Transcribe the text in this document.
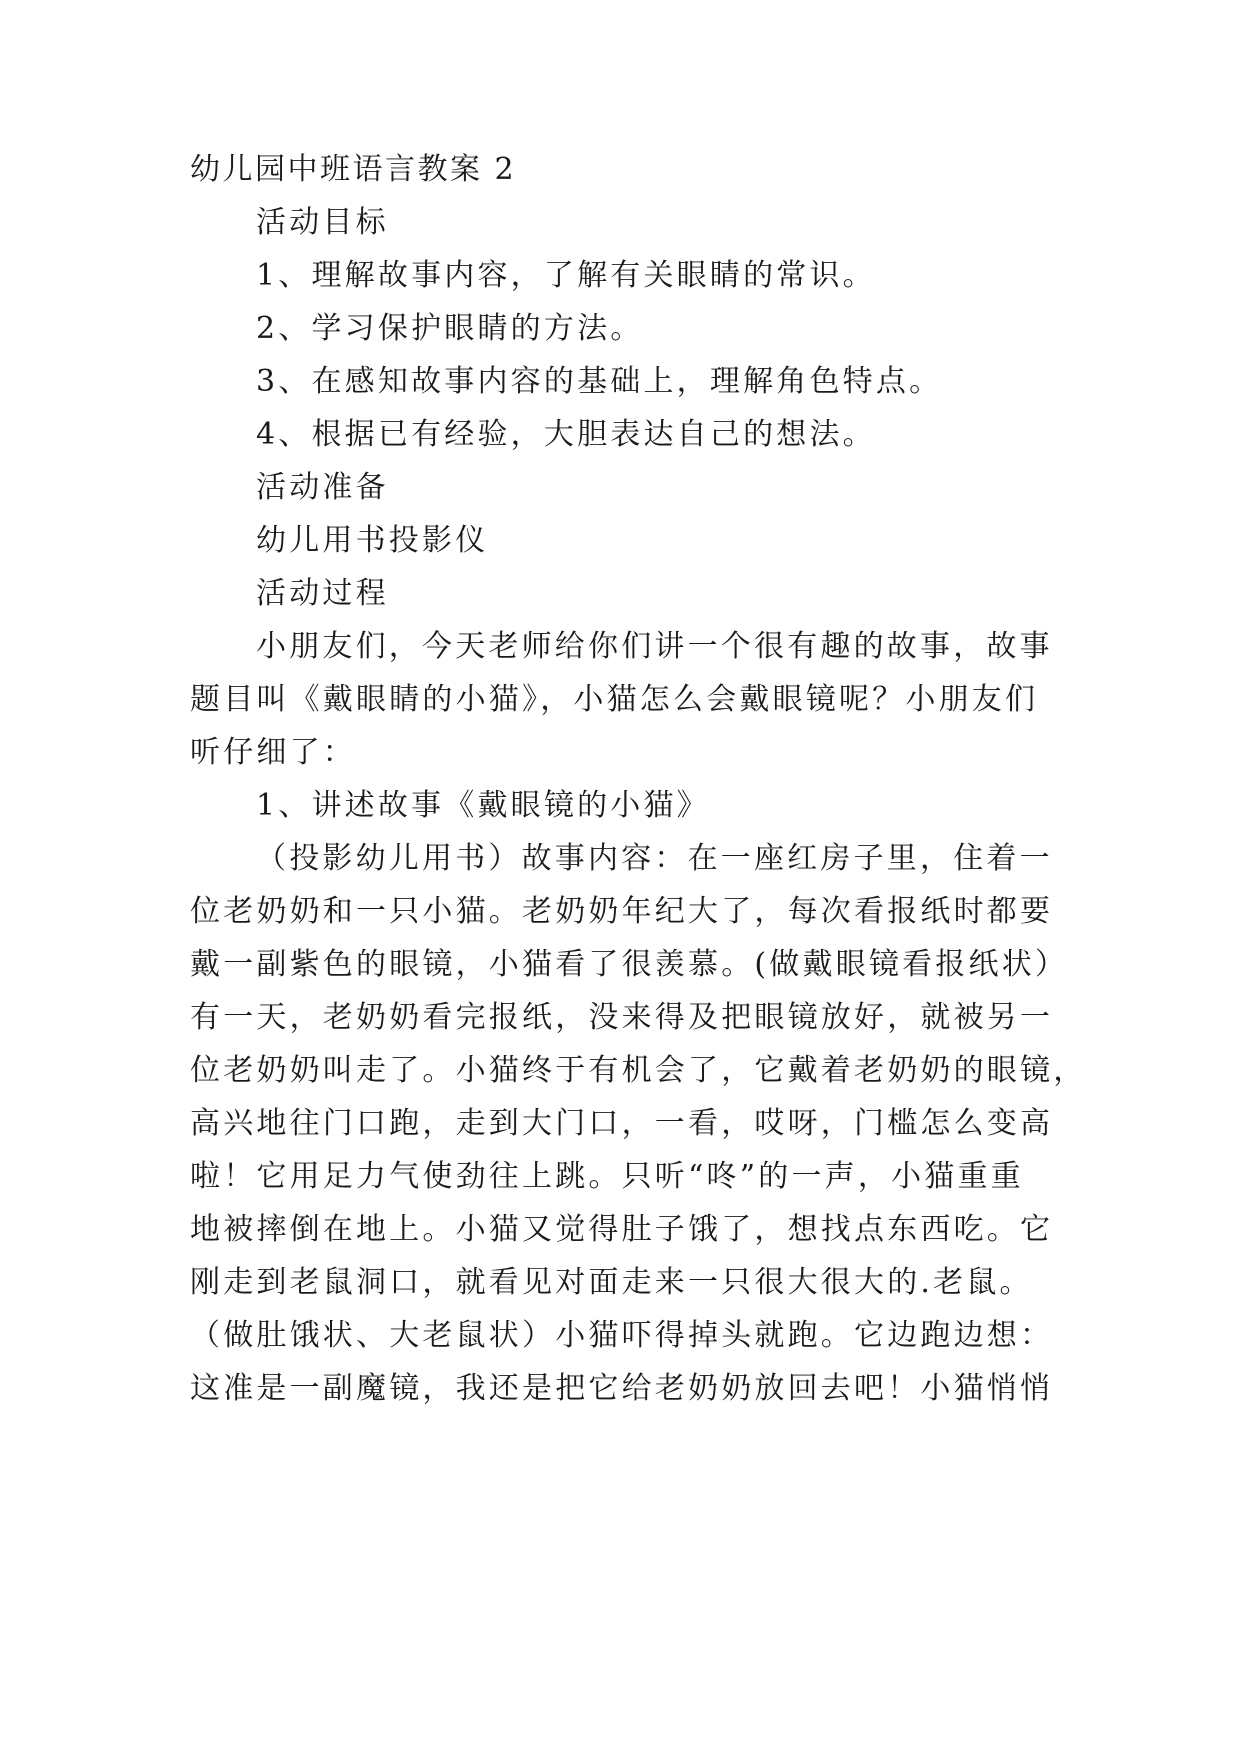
幼儿园中班语言教案 2
活动目标
1、理解故事内容，了解有关眼睛的常识。
2、学习保护眼睛的方法。
3、在感知故事内容的基础上，理解角色特点。
4、根据已有经验，大胆表达自己的想法。
活动准备
幼儿用书投影仪
活动过程
小朋友们，今天老师给你们讲一个很有趣的故事，故事
题目叫《戴眼睛的小猫》，小猫怎么会戴眼镜呢？小朋友们
听仔细了：
1、讲述故事《戴眼镜的小猫》
（投影幼儿用书）故事内容：在一座红房子里，住着一
位老奶奶和一只小猫。老奶奶年纪大了，每次看报纸时都要
戴一副紫色的眼镜，小猫看了很羡慕。(做戴眼镜看报纸状）
有一天，老奶奶看完报纸，没来得及把眼镜放好，就被另一
位老奶奶叫走了。小猫终于有机会了，它戴着老奶奶的眼镜，
高兴地往门口跑，走到大门口，一看，哎呀，门槛怎么变高
啦！它用足力气使劲往上跳。只听“咚”的一声，小猫重重
地被摔倒在地上。小猫又觉得肚子饿了，想找点东西吃。它
刚走到老鼠洞口，就看见对面走来一只很大很大的.老鼠。
（做肚饿状、大老鼠状）小猫吓得掉头就跑。它边跑边想：
这准是一副魔镜，我还是把它给老奶奶放回去吧！小猫悄悄
